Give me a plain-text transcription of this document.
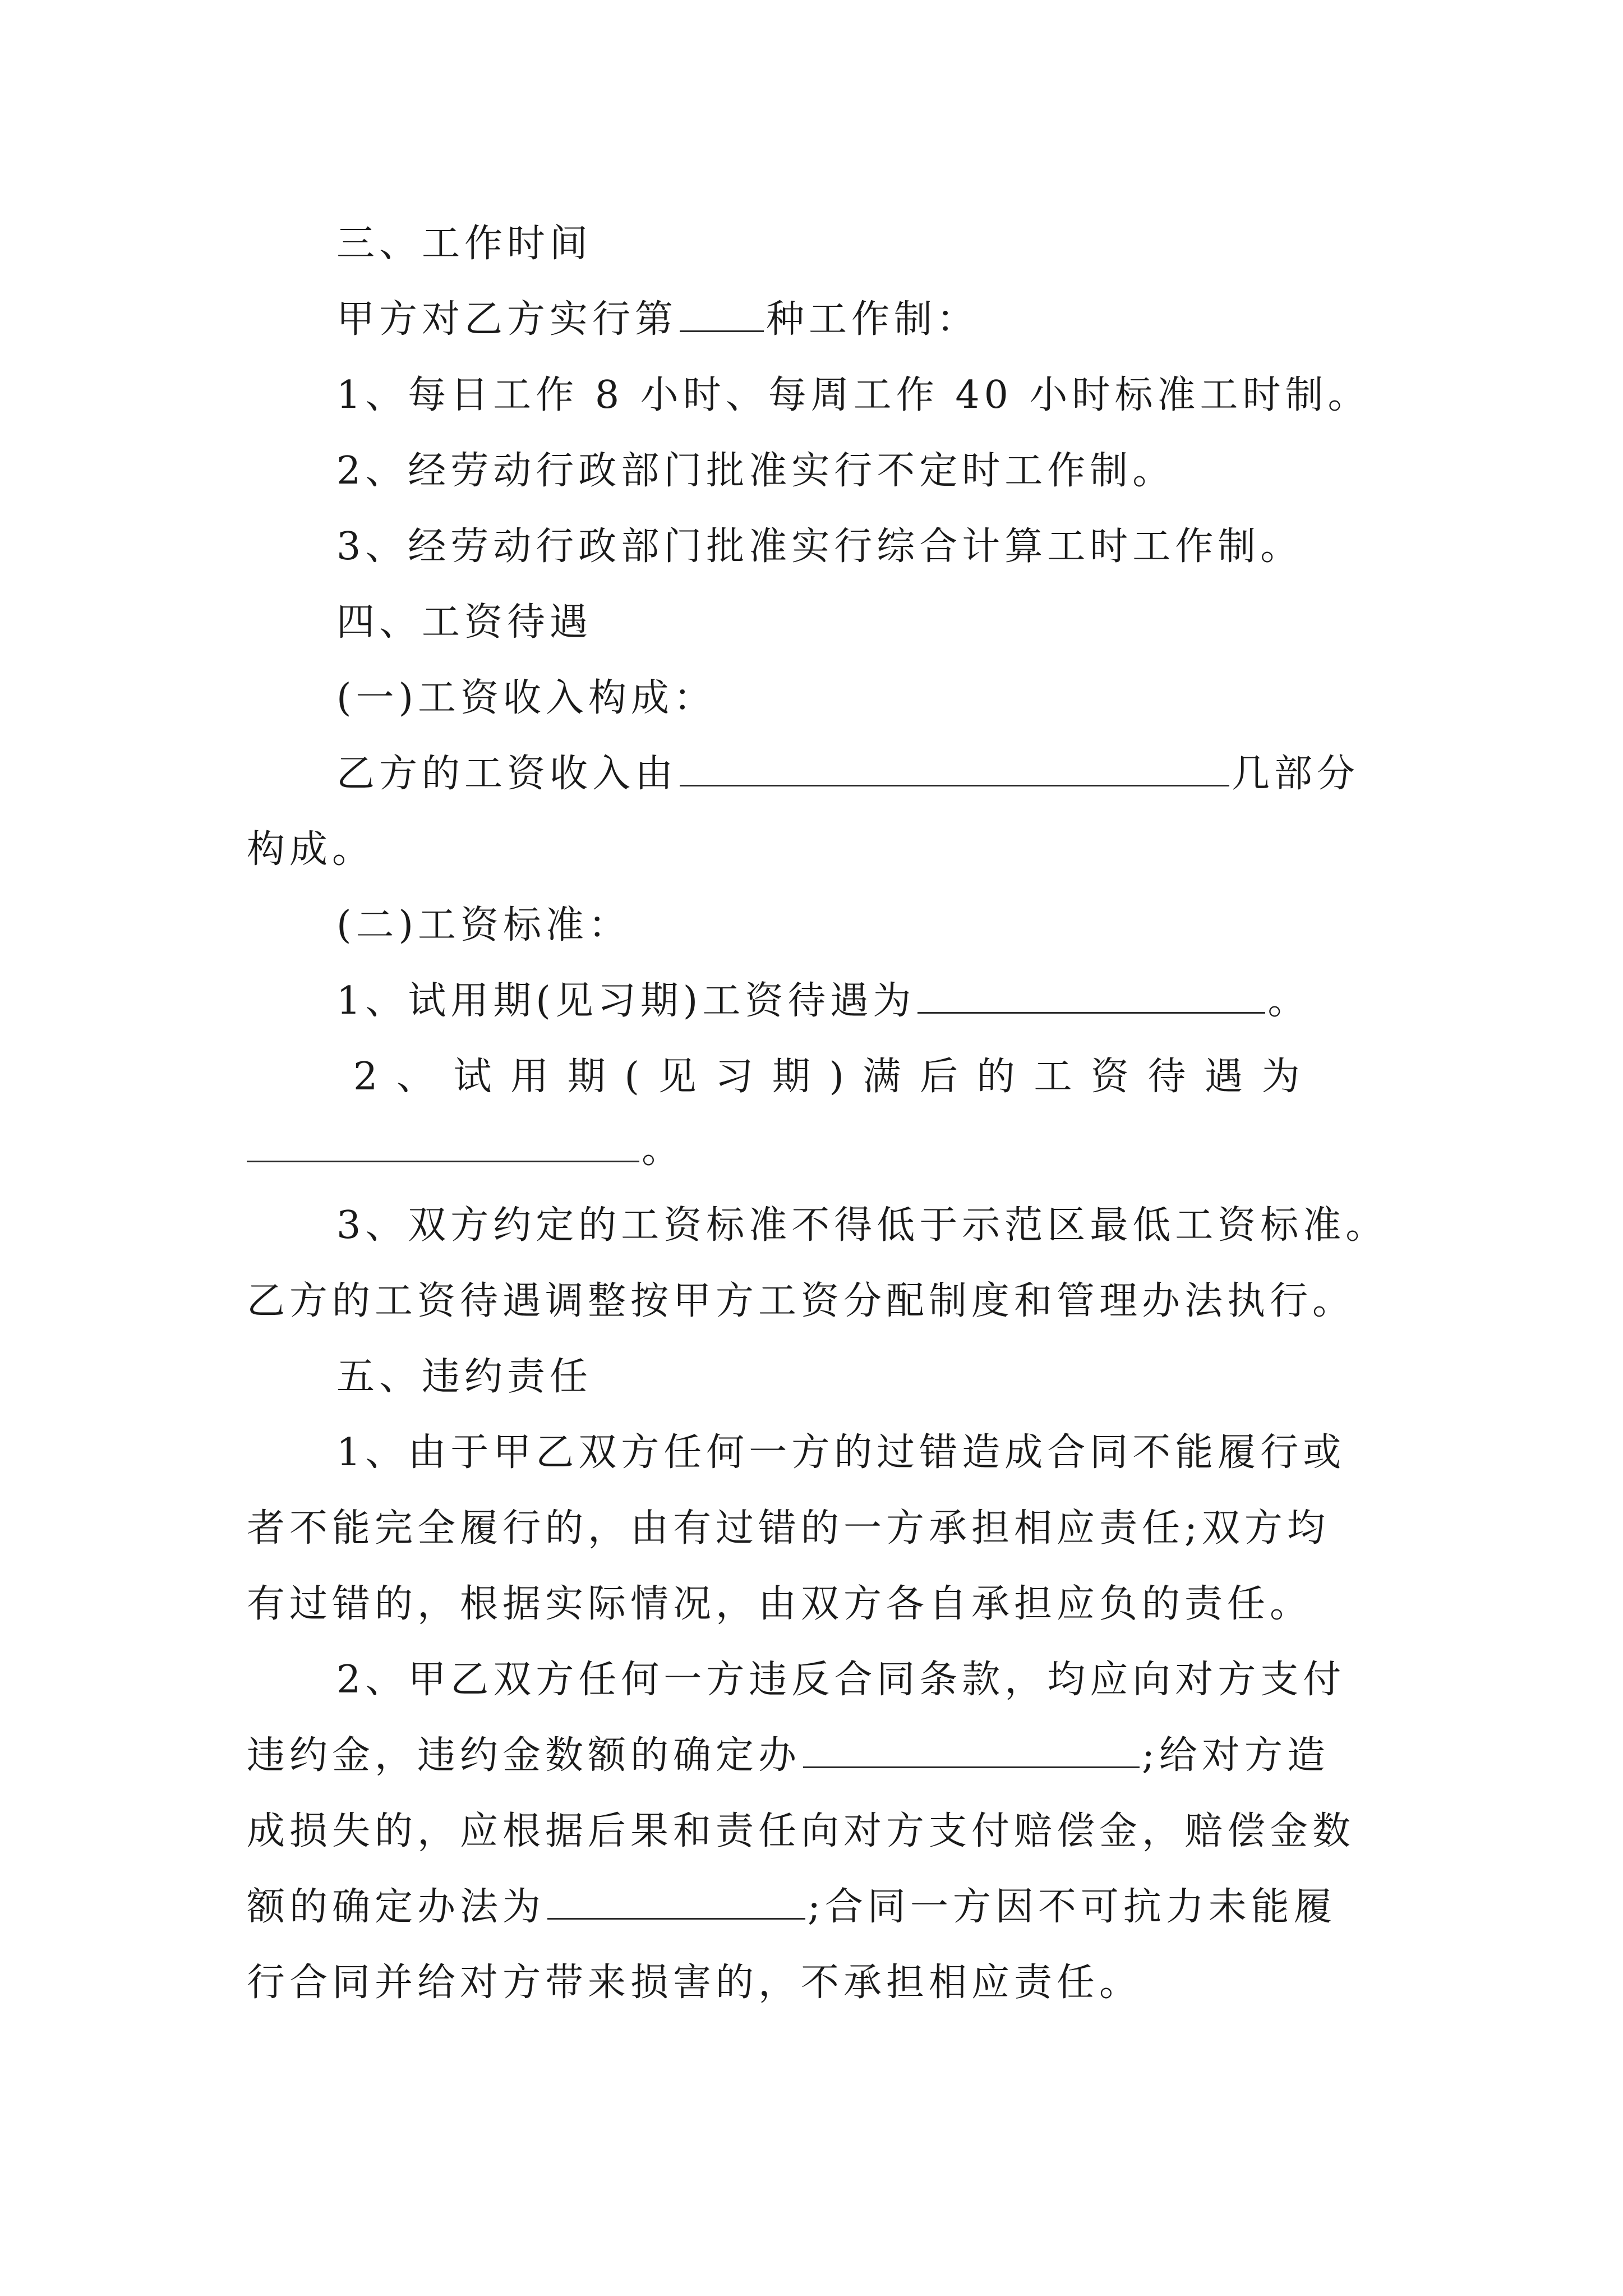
三、工作时间
甲方对乙方实行第 种工作制：
1、每日工作 8 小时、每周工作 40 小时标准工时制。
2、经劳动行政部门批准实行不定时工作制。
3、经劳动行政部门批准实行综合计算工时工作制。
四、工资待遇
(一)工资收入构成：
乙方的工资收入由	几部分
构成。
(二)工资标准：
1、试用期(见习期)工资待遇为	。
2 、 试 用 期 ( 见 习 期 ) 满 后 的 工 资 待 遇 为
。
3、双方约定的工资标准不得低于示范区最低工资标准。
乙方的工资待遇调整按甲方工资分配制度和管理办法执行。
五、违约责任
1、由于甲乙双方任何一方的过错造成合同不能履行或
者不能完全履行的，由有过错的一方承担相应责任;双方均
有过错的，根据实际情况，由双方各自承担应负的责任。
2、甲乙双方任何一方违反合同条款，均应向对方支付
违约金，违约金数额的确定办	;给对方造
成损失的，应根据后果和责任向对方支付赔偿金，赔偿金数
额的确定办法为	;合同一方因不可抗力未能履
行合同并给对方带来损害的，不承担相应责任。
